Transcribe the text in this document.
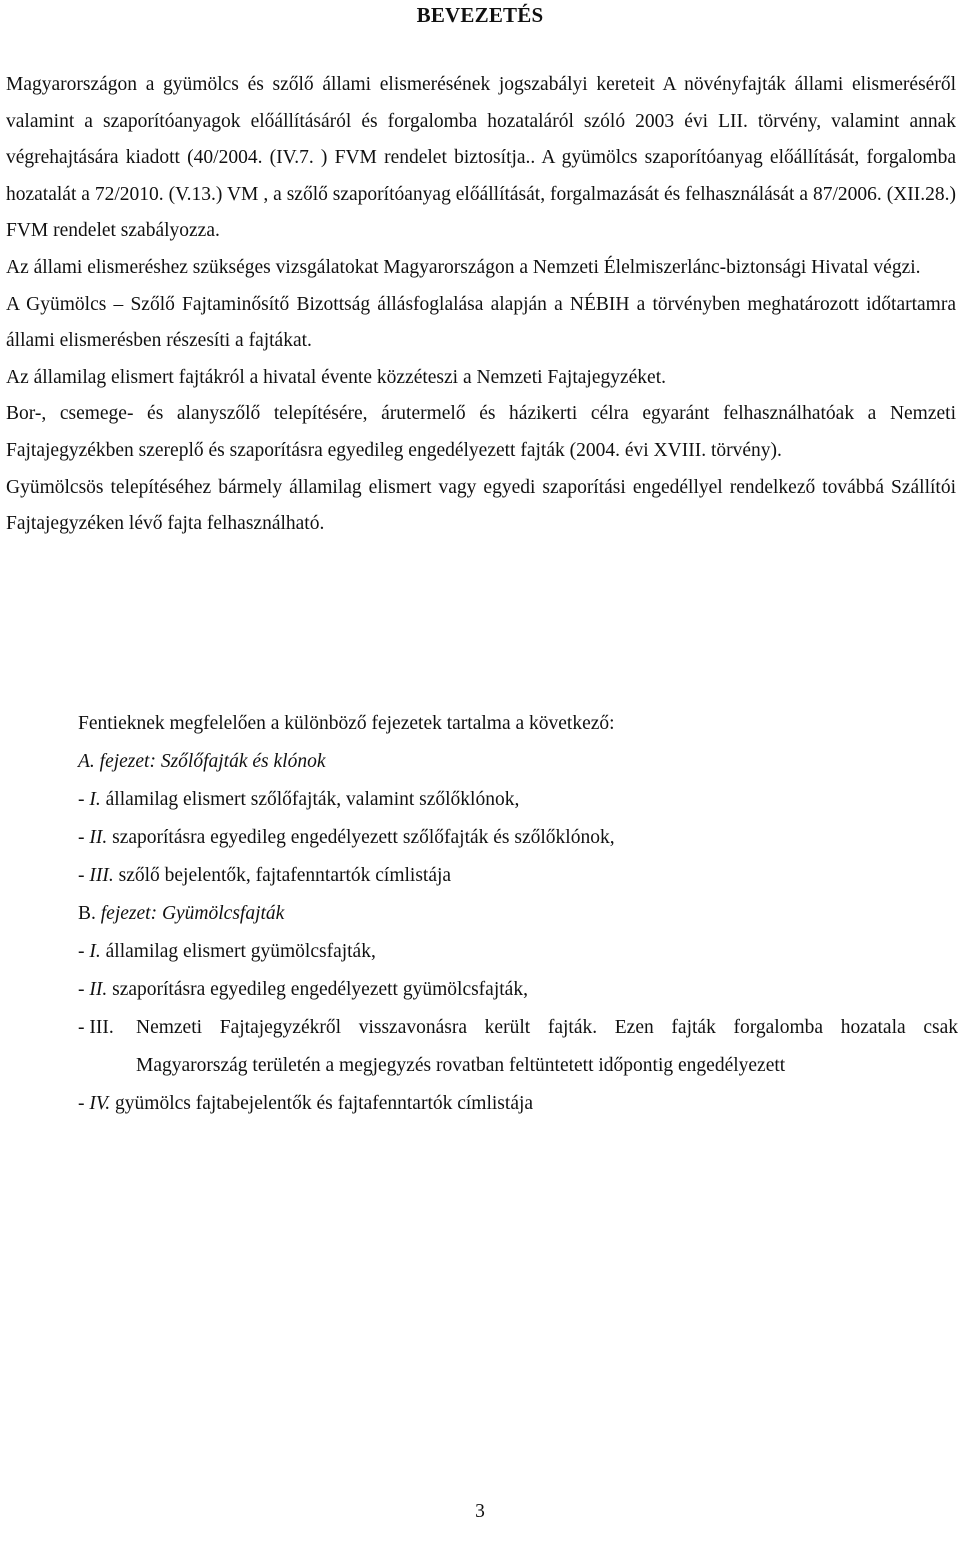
BEVEZETÉS

Magyarországon a gyümölcs és szőlő állami elismerésének jogszabályi kereteit A növényfajták állami elismeréséről valamint a szaporítóanyagok előállításáról és forgalomba hozataláról szóló 2003 évi LII. törvény, valamint annak végrehajtására kiadott (40/2004. (IV.7. ) FVM rendelet biztosítja.. A gyümölcs szaporítóanyag előállítását, forgalomba hozatalát a 72/2010. (V.13.) VM , a szőlő szaporítóanyag előállítását, forgalmazását és felhasználását a 87/2006. (XII.28.) FVM rendelet szabályozza.

Az állami elismeréshez szükséges vizsgálatokat Magyarországon a Nemzeti Élelmiszerlánc-biztonsági Hivatal végzi.

A Gyümölcs – Szőlő Fajtaminősítő Bizottság állásfoglalása alapján a NÉBIH a törvényben meghatározott időtartamra állami elismerésben részesíti a fajtákat.

Az államilag elismert fajtákról a hivatal évente közzéteszi a Nemzeti Fajtajegyzéket.

Bor-, csemege- és alanyszőlő telepítésére, árutermelő és házikerti célra egyaránt felhasználhatóak a Nemzeti Fajtajegyzékben szereplő és szaporításra egyedileg engedélyezett fajták (2004. évi XVIII. törvény).

Gyümölcsös telepítéséhez bármely államilag elismert vagy egyedi szaporítási engedéllyel rendelkező továbbá Szállítói Fajtajegyzéken lévő fajta felhasználható.

Fentieknek megfelelően a különböző fejezetek tartalma a következő:

A. fejezet: Szőlőfajták és klónok

- I. államilag elismert szőlőfajták, valamint szőlőklónok,

- II. szaporításra egyedileg engedélyezett szőlőfajták és szőlőklónok,

- III. szőlő bejelentők, fajtafenntartók címlistája

B. fejezet: Gyümölcsfajták

- I. államilag elismert gyümölcsfajták,

- II. szaporításra egyedileg engedélyezett gyümölcsfajták,

- III. Nemzeti Fajtajegyzékről visszavonásra került fajták. Ezen fajták forgalomba hozatala csak Magyarország területén a megjegyzés rovatban feltüntetett időpontig engedélyezett

- IV. gyümölcs fajtabejelentők és fajtafenntartók címlistája

3
